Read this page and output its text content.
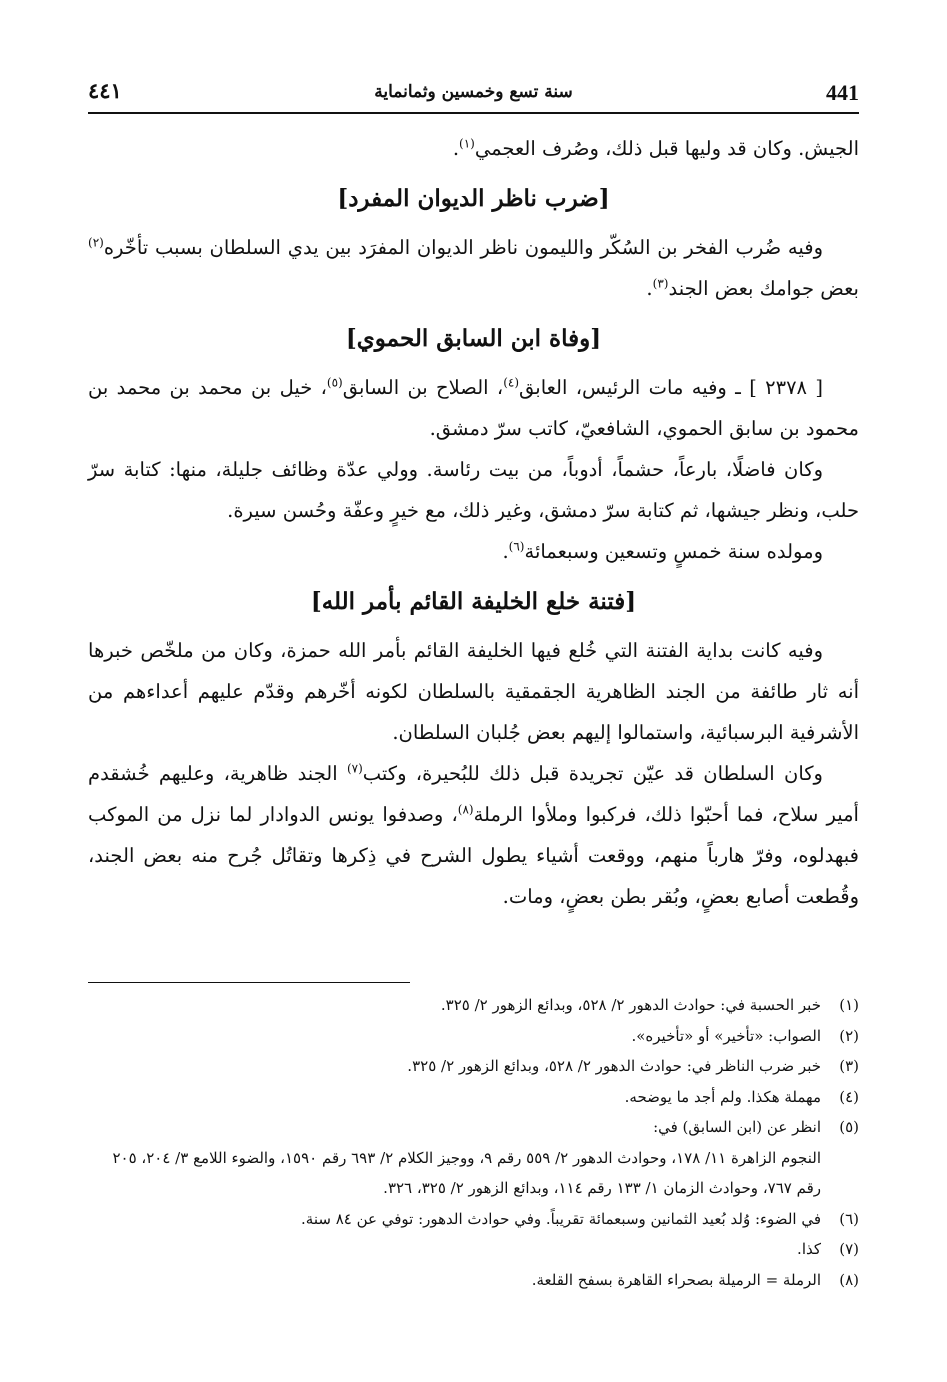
441
سنة تسع وخمسين وثمانماية
٤٤١

الجيش. وكان قد وليها قبل ذلك، وصُرف العجمي$^{(١)}$.

[ضرب ناظر الديوان المفرد]

وفيه ضُرب الفخر بن السُكّر والليمون ناظر الديوان المفرَد بين يدي السلطان بسبب تأخّره$^{(٢)}$ بعض جوامك بعض الجند$^{(٣)}$.

[وفاة ابن السابق الحموي]

[ ٢٣٧٨ ] ـ وفيه مات الرئيس، العابق$^{(٤)}$، الصلاح بن السابق$^{(٥)}$، خيل بن محمد بن محمد بن محمود بن سابق الحموي، الشافعيّ، كاتب سرّ دمشق.

وكان فاضلًا، بارعاً، حشماً، أدوباً، من بيت رئاسة. وولي عدّة وظائف جليلة، منها: كتابة سرّ حلب، ونظر جيشها، ثم كتابة سرّ دمشق، وغير ذلك، مع خيرٍ وعفّة وحُسن سيرة.

ومولده سنة خمسٍ وتسعين وسبعمائة$^{(٦)}$.

[فتنة خلع الخليفة القائم بأمر الله]

وفيه كانت بداية الفتنة التي خُلع فيها الخليفة القائم بأمر الله حمزة، وكان من ملخّص خبرها أنه ثار طائفة من الجند الظاهرية الجقمقية بالسلطان لكونه أخّرهم وقدّم عليهم أعداءهم من الأشرفية البرسبائية، واستمالوا إليهم بعض جُلبان السلطان.

وكان السلطان قد عيّن تجريدة قبل ذلك للبُحيرة، وكتب$^{(٧)}$ الجند ظاهرية، وعليهم خُشقدم أمير سلاح، فما أحبّوا ذلك، فركبوا وملأوا الرملة$^{(٨)}$، وصدفوا يونس الدوادار لما نزل من الموكب فبهدلوه، وفرّ هارباً منهم، ووقعت أشياء يطول الشرح في ذِكرها وتقاتُل جُرح منه بعض الجند، وقُطعت أصابع بعضٍ، وبُقر بطن بعضٍ، ومات.

(١)
خبر الحسبة في: حوادث الدهور ٢/ ٥٢٨، وبدائع الزهور ٢/ ٣٢٥.
(٢)
الصواب: «تأخير» أو «تأخيره».
(٣)
خبر ضرب الناظر في: حوادث الدهور ٢/ ٥٢٨، وبدائع الزهور ٢/ ٣٢٥.
(٤)
مهملة هكذا. ولم أجد ما يوضحه.
(٥)
انظر عن (ابن السابق) في:
النجوم الزاهرة ١١/ ١٧٨، وحوادث الدهور ٢/ ٥٥٩ رقم ٩، ووجيز الكلام ٢/ ٦٩٣ رقم ١٥٩٠، والضوء اللامع ٣/ ٢٠٤، ٢٠٥ رقم ٧٦٧، وحوادث الزمان ١/ ١٣٣ رقم ١١٤، وبدائع الزهور ٢/ ٣٢٥، ٣٢٦.
(٦)
في الضوء: وُلد بُعيد الثمانين وسبعمائة تقريباً. وفي حوادث الدهور: توفي عن ٨٤ سنة.
(٧)
كذا.
(٨)
الرملة = الرميلة بصحراء القاهرة بسفح القلعة.
